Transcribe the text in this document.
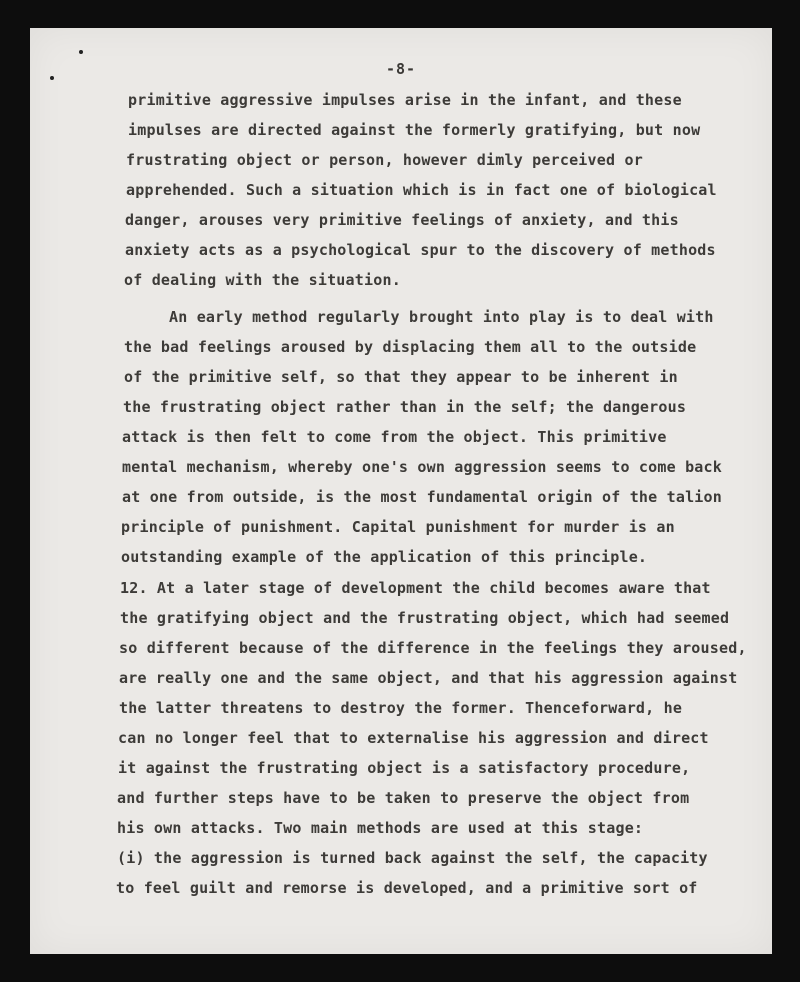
-8-
primitive aggressive impulses arise in the infant, and these
impulses are directed against the formerly gratifying, but now
frustrating object or person, however dimly perceived or
apprehended. Such a situation which is in fact one of biological
danger, arouses very primitive feelings of anxiety, and this
anxiety acts as a psychological spur to the discovery of methods
of dealing with the situation.
An early method regularly brought into play is to deal with
the bad feelings aroused by displacing them all to the outside
of the primitive self, so that they appear to be inherent in
the frustrating object rather than in the self; the dangerous
attack is then felt to come from the object. This primitive
mental mechanism, whereby one's own aggression seems to come back
at one from outside, is the most fundamental origin of the talion
principle of punishment. Capital punishment for murder is an
outstanding example of the application of this principle.
12. At a later stage of development the child becomes aware that
the gratifying object and the frustrating object, which had seemed
so different because of the difference in the feelings they aroused,
are really one and the same object, and that his aggression against
the latter threatens to destroy the former. Thenceforward, he
can no longer feel that to externalise his aggression and direct
it against the frustrating object is a satisfactory procedure,
and further steps have to be taken to preserve the object from
his own attacks. Two main methods are used at this stage:
(i) the aggression is turned back against the self, the capacity
to feel guilt and remorse is developed, and a primitive sort of
